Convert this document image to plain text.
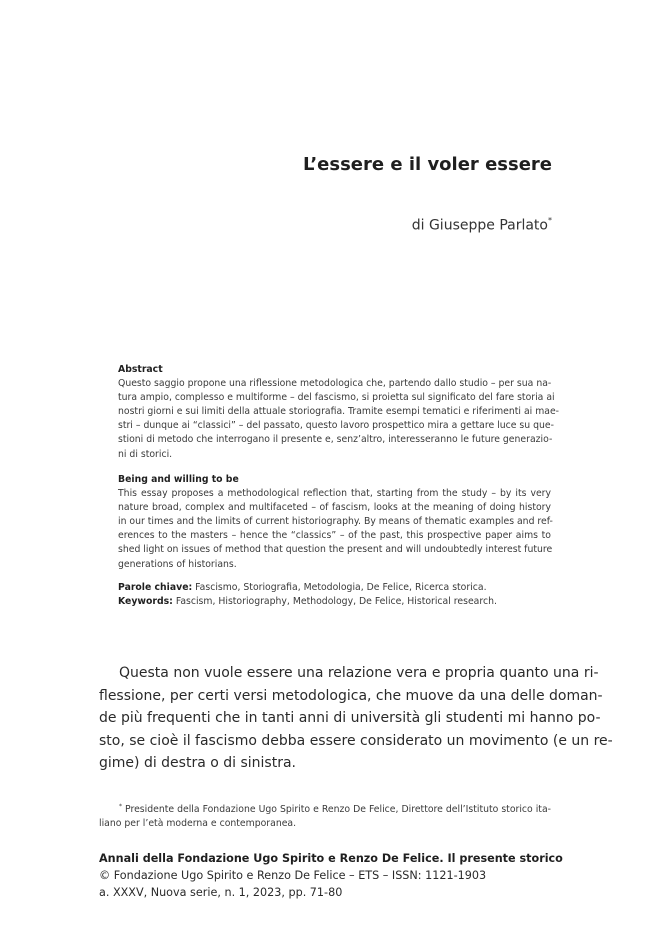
L’essere e il voler essere
di Giuseppe Parlato*
Abstract
Questo saggio propone una riflessione metodologica che, partendo dallo studio – per sua na-
tura ampio, complesso e multiforme – del fascismo, si proietta sul significato del fare storia ai
nostri giorni e sui limiti della attuale storiografia. Tramite esempi tematici e riferimenti ai mae-
stri – dunque ai “classici” – del passato, questo lavoro prospettico mira a gettare luce su que-
stioni di metodo che interrogano il presente e, senz’altro, interesseranno le future generazio-
ni di storici.
Being and willing to be
This essay proposes a methodological reflection that, starting from the study – by its very
nature broad, complex and multifaceted – of fascism, looks at the meaning of doing history
in our times and the limits of current historiography. By means of thematic examples and ref-
erences to the masters – hence the “classics” – of the past, this prospective paper aims to
shed light on issues of method that question the present and will undoubtedly interest future
generations of historians.
Parole chiave: Fascismo, Storiografia, Metodologia, De Felice, Ricerca storica.
Keywords: Fascism, Historiography, Methodology, De Felice, Historical research.
Questa non vuole essere una relazione vera e propria quanto una ri-
flessione, per certi versi metodologica, che muove da una delle doman-
de più frequenti che in tanti anni di università gli studenti mi hanno po-
sto, se cioè il fascismo debba essere considerato un movimento (e un re-
gime) di destra o di sinistra.
* Presidente della Fondazione Ugo Spirito e Renzo De Felice, Direttore dell’Istituto storico ita-
liano per l’età moderna e contemporanea.
Annali della Fondazione Ugo Spirito e Renzo De Felice. Il presente storico
© Fondazione Ugo Spirito e Renzo De Felice – ETS – ISSN: 1121-1903
a. XXXV, Nuova serie, n. 1, 2023, pp. 71-80
